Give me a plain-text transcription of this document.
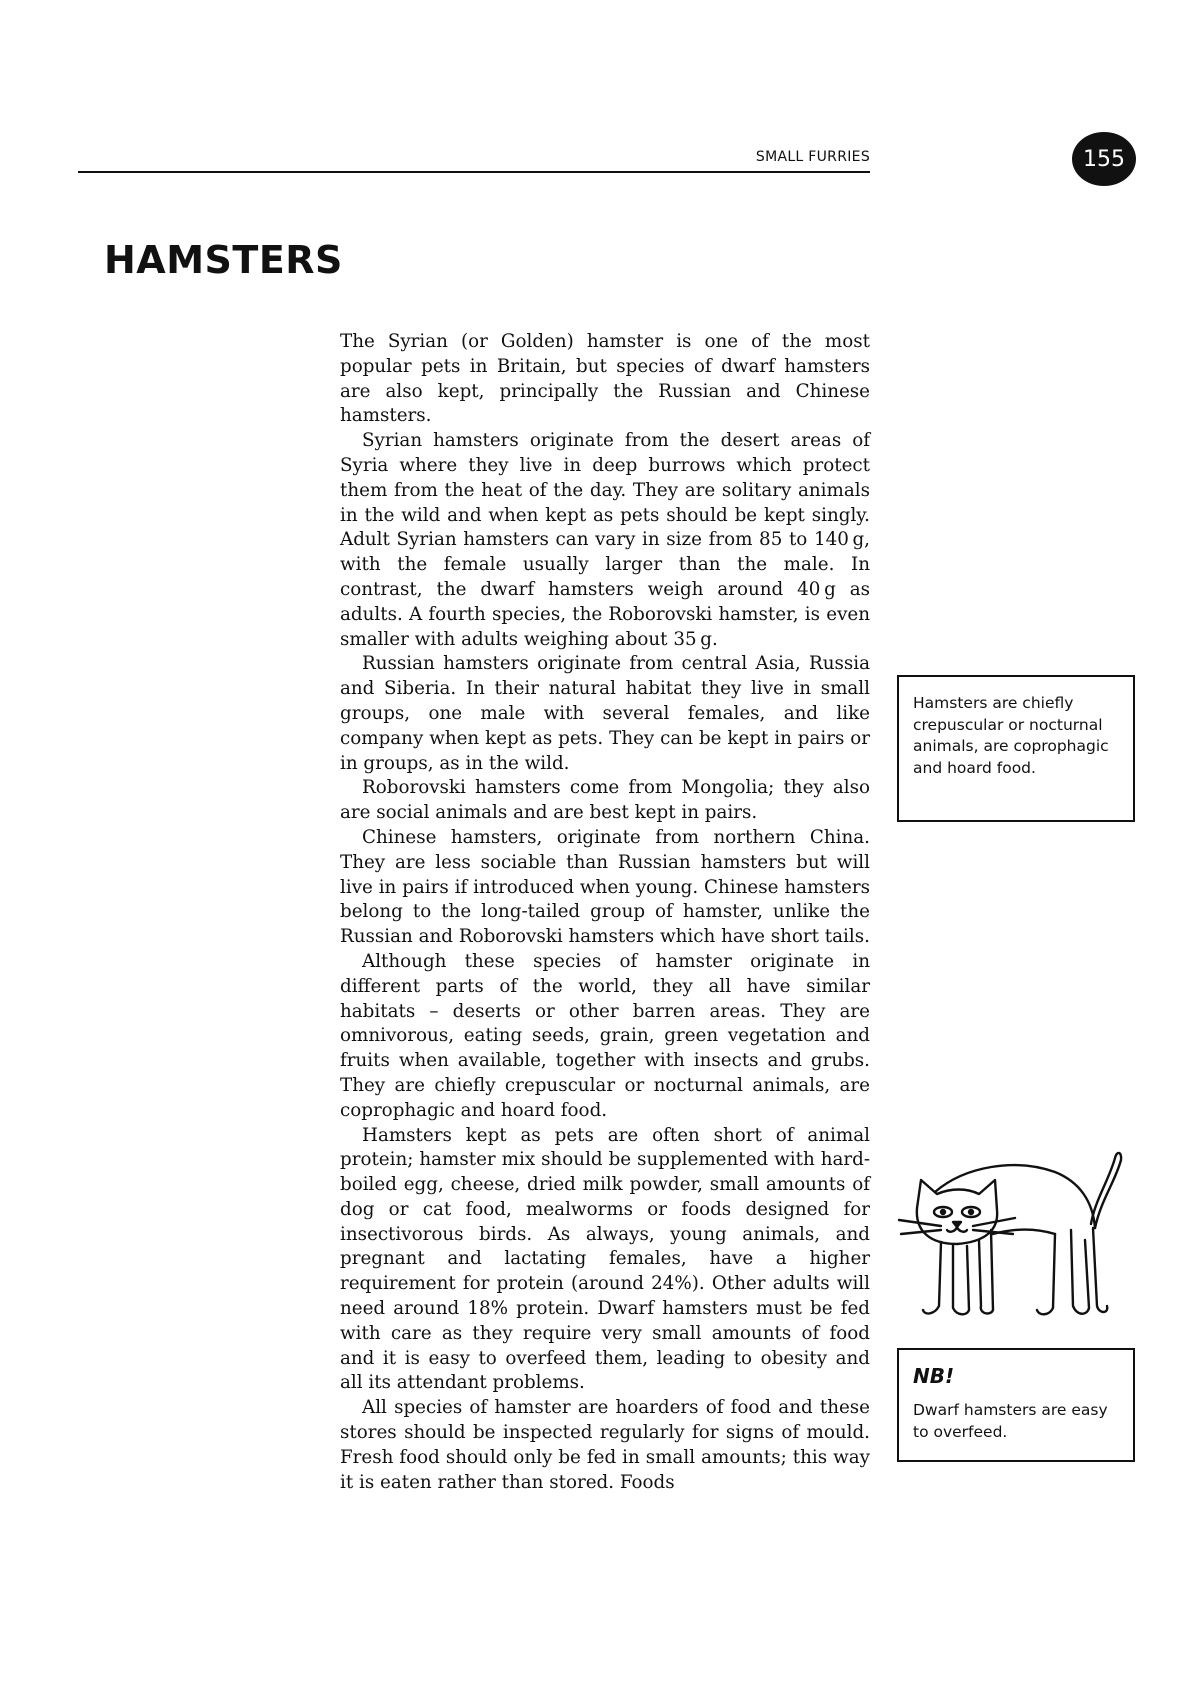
SMALL FURRIES	155
HAMSTERS

The Syrian (or Golden) hamster is one of the most popular pets in Britain, but species of dwarf hamsters are also kept, principally the Russian and Chinese hamsters.

Syrian hamsters originate from the desert areas of Syria where they live in deep burrows which protect them from the heat of the day. They are solitary animals in the wild and when kept as pets should be kept singly. Adult Syrian hamsters can vary in size from 85 to 140 g, with the female usually larger than the male. In contrast, the dwarf hamsters weigh around 40 g as adults. A fourth species, the Roborovski hamster, is even smaller with adults weighing about 35 g.

Russian hamsters originate from central Asia, Russia and Siberia. In their natural habitat they live in small groups, one male with several females, and like company when kept as pets. They can be kept in pairs or in groups, as in the wild.

Roborovski hamsters come from Mongolia; they also are social animals and are best kept in pairs.

Chinese hamsters, originate from northern China. They are less sociable than Russian hamsters but will live in pairs if introduced when young. Chinese hamsters belong to the long-tailed group of hamster, unlike the Russian and Roborovski hamsters which have short tails.

Although these species of hamster originate in different parts of the world, they all have similar habitats – deserts or other barren areas. They are omnivorous, eating seeds, grain, green vegetation and fruits when available, together with insects and grubs. They are chiefly crepuscular or nocturnal animals, are coprophagic and hoard food.

Hamsters kept as pets are often short of animal protein; hamster mix should be supplemented with hard-boiled egg, cheese, dried milk powder, small amounts of dog or cat food, mealworms or foods designed for insectivorous birds. As always, young animals, and pregnant and lactating females, have a higher requirement for protein (around 24%). Other adults will need around 18% protein. Dwarf hamsters must be fed with care as they require very small amounts of food and it is easy to overfeed them, leading to obesity and all its attendant problems.

All species of hamster are hoarders of food and these stores should be inspected regularly for signs of mould. Fresh food should only be fed in small amounts; this way it is eaten rather than stored. Foods

Hamsters are chiefly crepuscular or nocturnal animals, are coprophagic and hoard food.
NB!
Dwarf hamsters are easy to overfeed.
